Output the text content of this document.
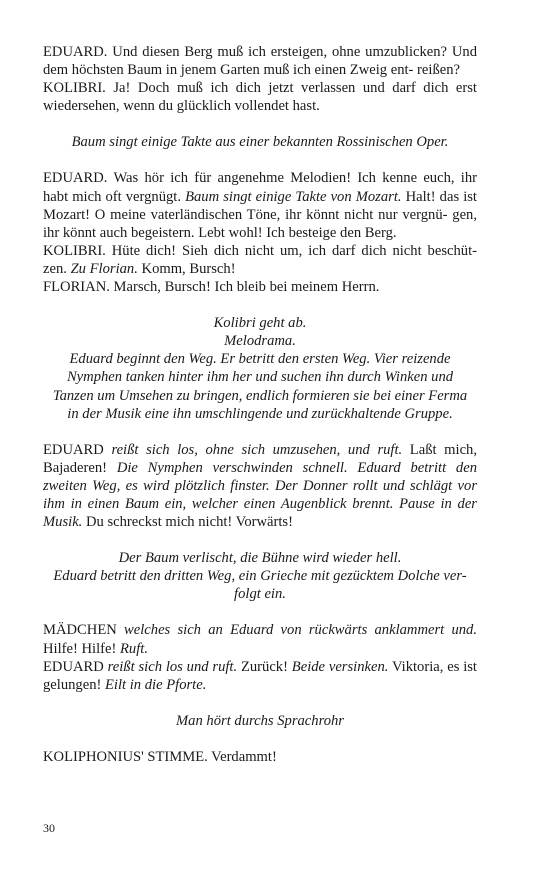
EDUARD. Und diesen Berg muß ich ersteigen, ohne umzublicken? Und dem höchsten Baum in jenem Garten muß ich einen Zweig ent- reißen?

KOLIBRI. Ja! Doch muß ich dich jetzt verlassen und darf dich erst wiedersehen, wenn du glücklich vollendet hast.

Baum singt einige Takte aus einer bekannten Rossinischen Oper.

EDUARD. Was hör ich für angenehme Melodien! Ich kenne euch, ihr habt mich oft vergnügt. Baum singt einige Takte von Mozart. Halt! das ist Mozart! O meine vaterländischen Töne, ihr könnt nicht nur vergnü- gen, ihr könnt auch begeistern. Lebt wohl! Ich besteige den Berg.

KOLIBRI. Hüte dich! Sieh dich nicht um, ich darf dich nicht beschüt- zen. Zu Florian. Komm, Bursch!

FLORIAN. Marsch, Bursch! Ich bleib bei meinem Herrn.

Kolibri geht ab.
Melodrama.
Eduard beginnt den Weg. Er betritt den ersten Weg. Vier reizende
Nymphen tanken hinter ihm her und suchen ihn durch Winken und
Tanzen um Umsehen zu bringen, endlich formieren sie bei einer Ferma
in der Musik eine ihn umschlingende und zurückhaltende Gruppe.

EDUARD reißt sich los, ohne sich umzusehen, und ruft. Laßt mich, Bajaderen! Die Nymphen verschwinden schnell. Eduard betritt den zweiten Weg, es wird plötzlich finster. Der Donner rollt und schlägt vor ihm in einen Baum ein, welcher einen Augenblick brennt. Pause in der Musik. Du schreckst mich nicht! Vorwärts!

Der Baum verlischt, die Bühne wird wieder hell.
Eduard betritt den dritten Weg, ein Grieche mit gezücktem Dolche ver-
folgt ein.

MÄDCHEN welches sich an Eduard von rückwärts anklammert und. Hilfe! Hilfe! Ruft.

EDUARD reißt sich los und ruft. Zurück! Beide versinken. Viktoria, es ist gelungen! Eilt in die Pforte.

Man hört durchs Sprachrohr

KOLIPHONIUS' STIMME. Verdammt!

30
